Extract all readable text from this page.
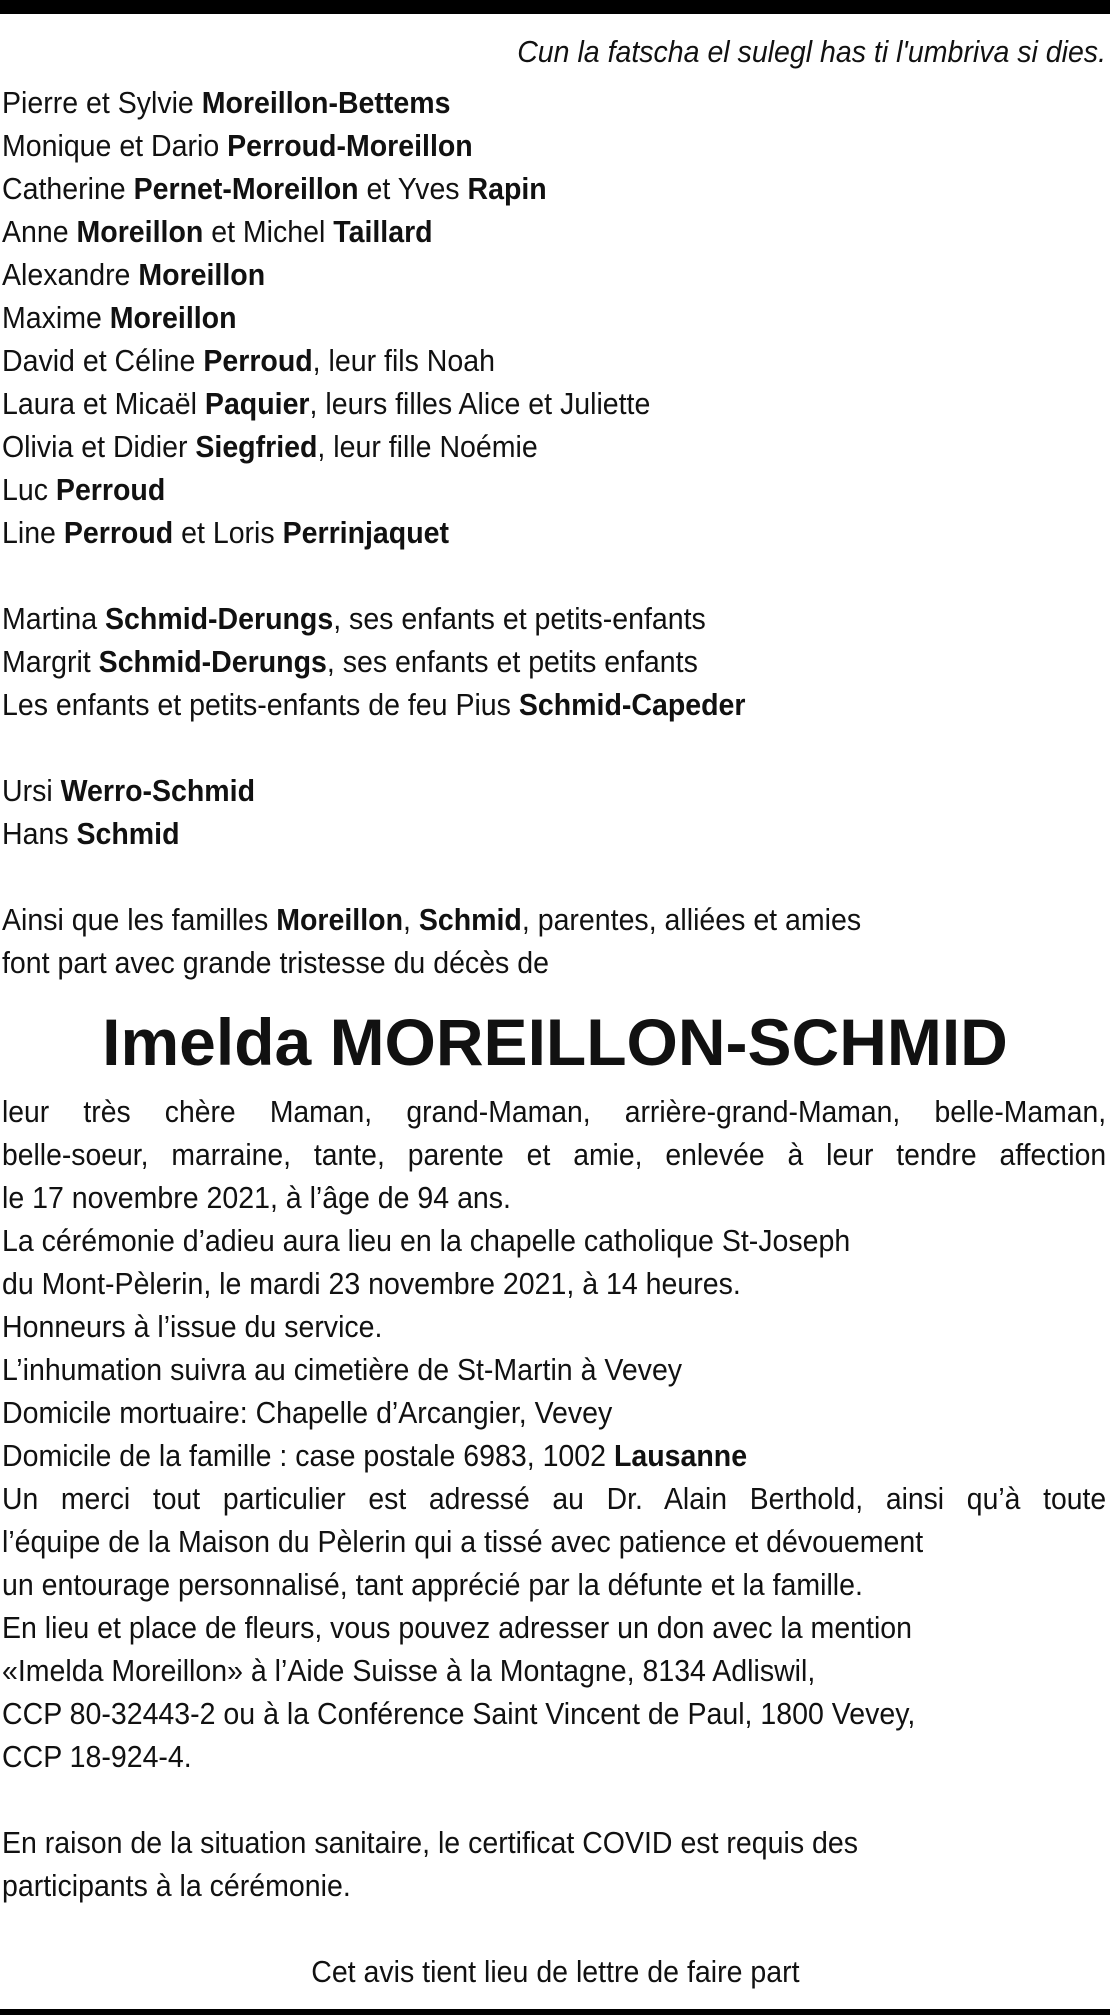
Cun la fatscha el sulegl has ti l'umbriva si dies.
Pierre et Sylvie Moreillon-Bettems
Monique et Dario Perroud-Moreillon
Catherine Pernet-Moreillon et Yves Rapin
Anne Moreillon et Michel Taillard
Alexandre Moreillon
Maxime Moreillon
David et Céline Perroud, leur fils Noah
Laura et Micaël Paquier, leurs filles Alice et Juliette
Olivia et Didier Siegfried, leur fille Noémie
Luc Perroud
Line Perroud et Loris Perrinjaquet
Martina Schmid-Derungs, ses enfants et petits-enfants
Margrit Schmid-Derungs, ses enfants et petits enfants
Les enfants et petits-enfants de feu Pius Schmid-Capeder
Ursi Werro-Schmid
Hans Schmid
Ainsi que les familles Moreillon, Schmid, parentes, alliées et amies
font part avec grande tristesse du décès de
Imelda MOREILLON-SCHMID
leur très chère Maman, grand-Maman, arrière-grand-Maman, belle-Maman,
belle-soeur, marraine, tante, parente et amie, enlevée à leur tendre affection
le 17 novembre 2021, à l’âge de 94 ans.
La cérémonie d’adieu aura lieu en la chapelle catholique St-Joseph
du Mont-Pèlerin, le mardi 23 novembre 2021, à 14 heures.
Honneurs à l’issue du service.
L’inhumation suivra au cimetière de St-Martin à Vevey
Domicile mortuaire: Chapelle d’Arcangier, Vevey
Domicile de la famille : case postale 6983, 1002 Lausanne
Un merci tout particulier est adressé au Dr. Alain Berthold, ainsi qu’à toute
l’équipe de la Maison du Pèlerin qui a tissé avec patience et dévouement
un entourage personnalisé, tant apprécié par la défunte et la famille.
En lieu et place de fleurs, vous pouvez adresser un don avec la mention
«Imelda Moreillon» à l’Aide Suisse à la Montagne, 8134 Adliswil,
CCP 80-32443-2 ou à la Conférence Saint Vincent de Paul, 1800 Vevey,
CCP 18-924-4.
En raison de la situation sanitaire, le certificat COVID est requis des
participants à la cérémonie.
Cet avis tient lieu de lettre de faire part
